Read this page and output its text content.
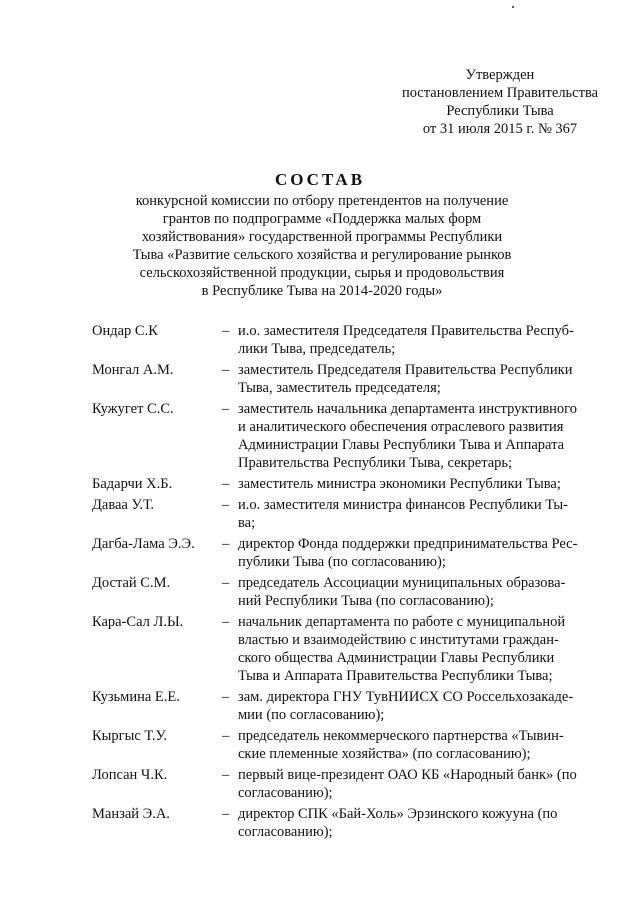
Утвержден
постановлением Правительства
Республики Тыва
от 31 июля 2015 г. № 367
СОСТАВ
конкурсной комиссии по отбору претендентов на получение
грантов по подпрограмме «Поддержка малых форм
хозяйствования» государственной программы Республики
Тыва «Развитие сельского хозяйства и регулирование рынков
сельскохозяйственной продукции, сырья и продовольствия
в Республике Тыва на 2014-2020 годы»
Ондар С.К	– и.о. заместителя Председателя Правительства Респуб-
лики Тыва, председатель;
Монгал А.М.	– заместитель Председателя Правительства Республики
Тыва, заместитель председателя;
Кужугет С.С.	– заместитель начальника департамента инструктивного
и аналитического обеспечения отраслевого развития
Администрации Главы Республики Тыва и Аппарата
Правительства Республики Тыва, секретарь;
Бадарчи Х.Б.	– заместитель министра экономики Республики Тыва;
Даваа У.Т.	– и.о. заместителя министра финансов Республики Ты-
ва;
Дагба-Лама Э.Э.	– директор Фонда поддержки предпринимательства Рес-
публики Тыва (по согласованию);
Достай С.М.	– председатель Ассоциации муниципальных образова-
ний Республики Тыва (по согласованию);
Кара-Сал Л.Ы.	– начальник департамента по работе с муниципальной
властью и взаимодействию с институтами граждан-
ского общества Администрации Главы Республики
Тыва и Аппарата Правительства Республики Тыва;
Кузьмина Е.Е.	– зам. директора ГНУ ТувНИИСХ СО Россельхозакаде-
мии (по согласованию);
Кыргыс Т.У.	– председатель некоммерческого партнерства «Тывин-
ские племенные хозяйства» (по согласованию);
Лопсан Ч.К.	– первый вице-президент ОАО КБ «Народный банк» (по
согласованию);
Манзай Э.А.	– директор СПК «Бай-Холь» Эрзинского кожууна (по
согласованию);
